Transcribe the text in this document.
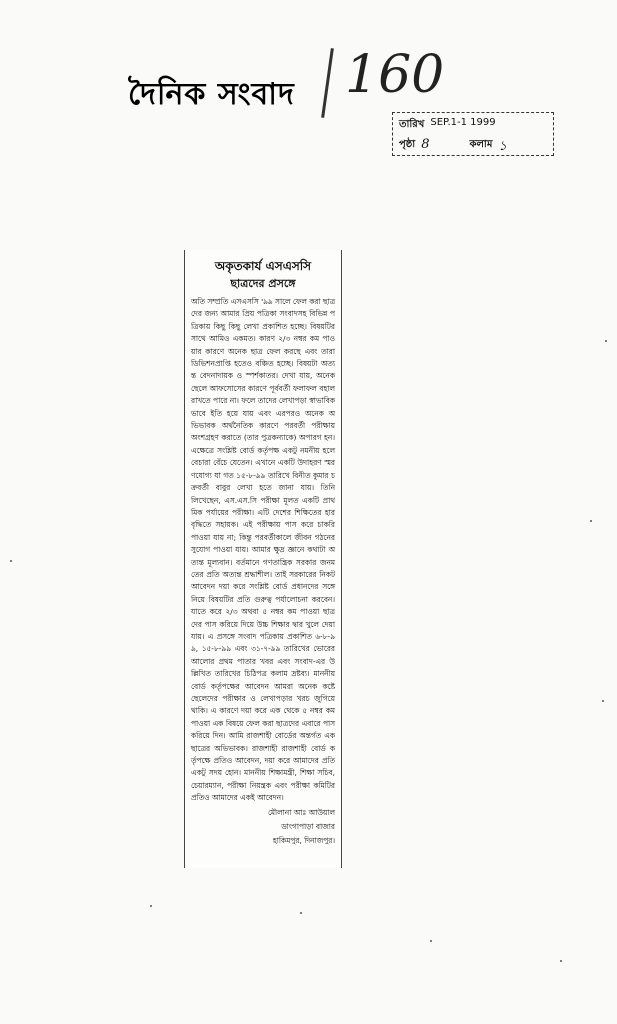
দৈনিক সংবাদ 160
তারিখ SEP.1-1 1999
পৃষ্ঠা 8	কলাম ১
অকৃতকার্য এসএসসি
ছাত্রদের প্রসঙ্গে
অতি সম্প্রতি এসএসসি '৯৯ সালে ফেল করা ছাত্রদের জন্য আমার প্রিয় পত্রিকা সংবাদসহ বিভিন্ন পত্রিকায় কিছু কিছু লেখা প্রকাশিত হচ্ছে। বিষয়টির সাথে আমিও একমত। কারণ ২/৩ নম্বর কম পাওয়ার কারণে অনেক ছাত্র ফেল করছে এবং তারা ডিভিশনপ্রাপ্তি হতেও বঞ্চিত হচ্ছে। বিষয়টা অত্যন্ত বেদনাদায়ক ও স্পর্শকাতর। দেখা যায়, অনেক ছেলে আফসোসের কারণে পূর্ববর্তী ফলাফল বহাল রাখতে পারে না। ফলে তাদের লেখাপড়া স্বাভাবিকভাবে ইতি হয়ে যায় এবং এরপরও অনেক অভিভাবক অর্থনৈতিক কারণে পরবর্তী পরীক্ষায় অংশগ্রহণ করাতে (তার পুত্রকন্যাকে) অপারগ হন। এক্ষেত্রে সংশ্লিষ্ট বোর্ড কর্তৃপক্ষ একটু নমনীয় হলে বেচারা বেঁচে যেতেন। এখানে একটি উদাহরণ স্মরণযোগ্য যা গত ১৫-৮-৯৯ তারিখে বিনীত কুমার চক্রবর্তী বাবুর লেখা হতে জানা যায়। তিনি লিখেছেন, এস.এস.সি পরীক্ষা মূলত একটি প্রাথমিক পর্যায়ের পরীক্ষা। এটি দেশের শিক্ষিতের হার বৃদ্ধিতে সহায়ক। এই পরীক্ষায় পাস করে চাকরি পাওয়া যায় না; কিন্তু পরবর্তীকালে জীবন গঠনের সুযোগ পাওয়া যায়। আমার ক্ষুদ্র জ্ঞানে কথাটা অত্যন্ত মূল্যবান। বর্তমানে গণতান্ত্রিক সরকার জনমতের প্রতি অত্যন্ত শ্রদ্ধাশীল। তাই সরকারের নিকট আবেদন দয়া করে সংশ্লিষ্ট বোর্ড প্রধানদের সঙ্গে নিয়ে বিষয়টির প্রতি গুরুত্ব পর্যালোচনা করবেন। যাতে করে ২/৩ অথবা ৫ নম্বর কম পাওয়া ছাত্রদের পাস করিয়ে দিয়ে উচ্চ শিক্ষার দ্বার খুলে দেয়া যায়। এ প্রসঙ্গে সংবাদ পত্রিকায় প্রকাশিত ৬-৮-৯৯, ১৫-৮-৯৯ এবং ৩১-৭-৯৯ তারিখের ভোরের আলোর প্রথম পাতার খবর এবং সংবাদ-এর উল্লিখিত তারিখের চিঠিপত্র কলাম দ্রষ্টব্য। মাননীয় বোর্ড কর্তৃপক্ষের আবেদন আমরা অনেক কষ্টে ছেলেদের পরীক্ষার ও লেখাপড়ার খরচ জুগিয়ে থাকি। এ কারণে দয়া করে এক থেকে ৫ নম্বর কম পাওয়া এক বিষয়ে ফেল করা ছাত্রদের এবারে পাস করিয়ে দিন। আমি রাজশাহী বোর্ডের অন্তর্গত এক ছাত্রের অভিভাবক। রাজশাহী রাজশাহী বোর্ড কর্তৃপক্ষে প্রতিও আবেদন, দয়া করে আমাদের প্রতি একটু সদয় হোন। মাননীয় শিক্ষামন্ত্রী, শিক্ষা সচিব, চেয়ারম্যান, পরীক্ষা নিয়ন্ত্রক এবং পরীক্ষা কমিটির প্রতিও আমাদের একই আবেদন।
মৌলানা আঃ আউয়াল
ডাংগাপাড়া বাজার
হাকিমপুর, দিনাজপুর।
